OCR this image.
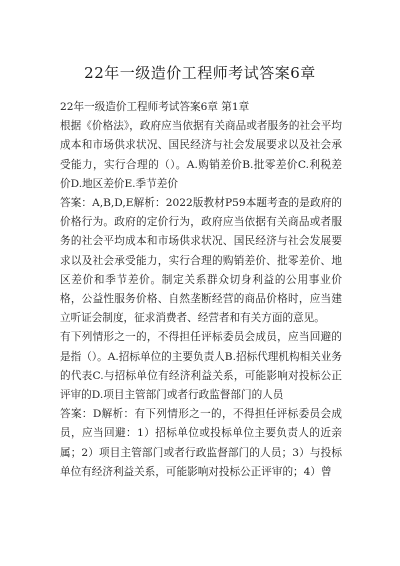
22年一级造价工程师考试答案6章

22年一级造价工程师考试答案6章 第1章

根据《价格法》，政府应当依据有关商品或者服务的社会平均成本和市场供求状况、国民经济与社会发展要求以及社会承受能力，实行合理的（）。A.购销差价B.批零差价C.利税差价D.地区差价E.季节差价

答案：A,B,D,E解析：2022版教材P59本题考查的是政府的价格行为。政府的定价行为，政府应当依据有关商品或者服务的社会平均成本和市场供求状况、国民经济与社会发展要求以及社会承受能力，实行合理的购销差价、批零差价、地区差价和季节差价。制定关系群众切身利益的公用事业价格，公益性服务价格、自然垄断经营的商品价格时，应当建立听证会制度，征求消费者、经营者和有关方面的意见。

有下列情形之一的，不得担任评标委员会成员，应当回避的是指（）。A.招标单位的主要负责人B.招标代理机构相关业务的代表C.与招标单位有经济利益关系，可能影响对投标公正评审的D.项目主管部门或者行政监督部门的人员

答案：D解析：有下列情形之一的，不得担任评标委员会成员，应当回避：1）招标单位或投标单位主要负责人的近亲属；2）项目主管部门或者行政监督部门的人员；3）与投标单位有经济利益关系，可能影响对投标公正评审的；4）曾
